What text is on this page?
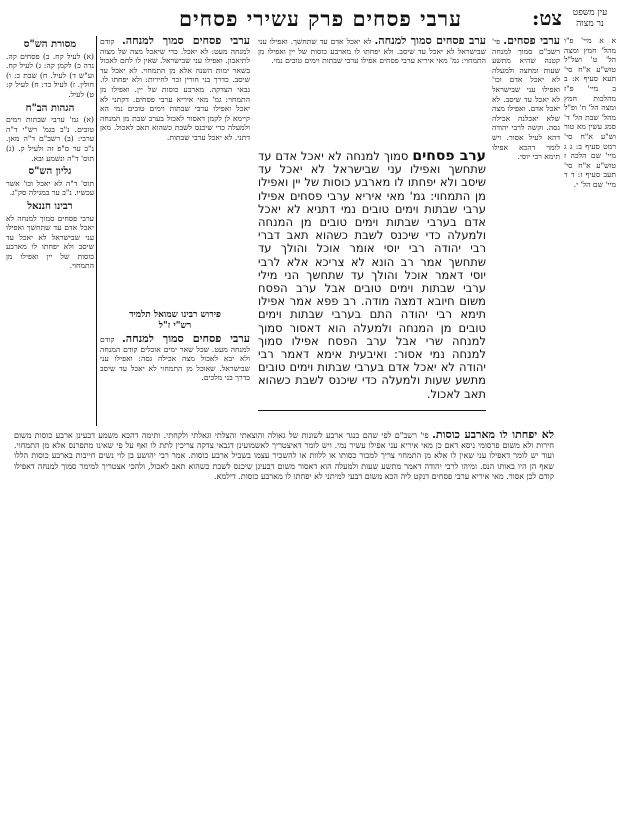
עין משפט
נר מצוה
צט:
ערבי פסחים פרק עשירי פסחים
מסורת הש"ס
(א) לעיל קח. ב) פסחים קה. נדה כ) לקמן קה: ג) לעיל קח. וע"ש ד) לעיל. ח) שבת כ: ו) חולין. ז) לעיל כד: ח) לעיל ק: ט) לעיל.
הגהות הב"ח
(א) גמ' ערבי שבתות וימים טובים. נ"ב בגמ' רש"י ד"ה ערבי: (ב) רשב"ם ד"ה מאן. נ"ב ער ס"פ זה ולעיל ק. (ג) תוס' ד"ה ונשמע ובא.
גליון הש"ס
תוס' ד"ה לא יאכל וכו' אשר עכשיו. נ"ב ער במגילה סק"ג.
רבינו חננאל
ערבי פסחים סמוך למנחה לא יאכל אדם עד שתחשך ואפילו עני שבישראל לא יאכל עד שיסב ולא יפחתו לו מארבע כוסות של יין ואפילו מן התמחוי.
ערבי פסחים סמוך למנחה. קודם למנחה מעט: לא יאכל. כדי שיאכל מצה של מצוה לתיאבון. ואפילו עני שבישראל. שאין לו לחם לאכול בשאר ימות השנה אלא מן התמחוי. לא יאכל עד שיסב. כדרך בני חורין זכר לחירות: ולא יפחתו לו. גבאי הצדקה. מארבע כוסות של יין. ואפילו מן התמחוי: גמ' מאי איריא ערבי פסחים. דקתני לא יאכל ואפילו ערבי שבתות וימים טובים נמי הא קיימא לן לקמן דאסור לאכול בערב שבת מן המנחה ולמעלה כדי שיכנס לשבת כשהוא תאב לאכול. מאן דתני. לא יאכל ערבי שבתות.
פירוש רבינו שמואל תלמיד
רש"י ז"ל
ערבי פסחים סמוך למנחה. קודם למנחה מעט. שכל שאר ימים אוכלים קודם המנחה ולא יבא לאכול מצה אכילה גסה: ואפילו עני שבישראל. שאוכל מן התמחוי לא יאכל עד שיסב כדרך בני מלכים.
ערב פסחים סמוך למנחה. לא יאכל אדם עד שתחשך. ואפילו עני שבישראל לא יאכל עד שיסב. ולא יפחתו לו מארבע כוסות של יין ואפילו מן התמחוי: גמ' מאי איריא ערבי פסחים אפילו ערבי שבתות וימים טובים נמי.
ערב פסחים סמוך למנחה לא יאכל אדם עד שתחשך ואפילו עני שבישראל לא יאכל עד שיסב ולא יפחתו לו מארבע כוסות של יין ואפילו מן התמחוי: גמ' מאי איריא ערבי פסחים אפילו ערבי שבתות וימים טובים נמי דתניא לא יאכל אדם בערבי שבתות וימים טובים מן המנחה ולמעלה כדי שיכנס לשבת כשהוא תאב דברי רבי יהודה רבי יוסי אומר אוכל והולך עד שתחשך אמר רב הונא לא צריכא אלא לרבי יוסי דאמר אוכל והולך עד שתחשך הני מילי ערבי שבתות וימים טובים אבל ערב הפסח משום חיובא דמצה מודה. רב פפא אמר אפילו תימא רבי יהודה התם בערבי שבתות וימים טובים מן המנחה ולמעלה הוא דאסור סמוך למנחה שרי אבל ערב הפסח אפילו סמוך למנחה נמי אסור: ואיבעית אימא דאמר רבי יהודה לא יאכל אדם בערבי שבתות וימים טובים מתשע שעות ולמעלה כדי שיכנס לשבת כשהוא תאב לאכול.
ערבי פסחים. פי' רשב"ם סמוך למנחה קטנה שהיא מתשע שעות ומחצה ולמעלה לא יאכל אדם וכו' ואפילו עני שבישראל לא יאכל עד שיסב. לא יאכל אדם. ואפילו מצה שלא יאכלנה אכילה גסה. וקשה לרבי יהודה דהא לעיל אסור. ויש לומר דהכא אפילו תימא רבי יוסי.
א א מיי' פ"ו מהל' חמץ ומצה הל' ט' ושל"ל טוש"ע א"ח סי' תעא סעיף א: ב ב מיי' פ"ז מהלכות חמץ ומצה הל' ח' ופ"ל מהל' שבת הל' ד' סמג עשין מא טור וש"ע א"ח סי' רמט סעיף ב: ג ג מיי' שם הלכה ז טוש"ע א"ח סי' תעב סעיף ז: ד ד מיי' שם הל' י.
לא יפחתו לו מארבע כוסות. פי' רשב"ם לפי שהם כנגד ארבע לשונות של גאולה והוצאתי והצלתי וגאלתי ולקחתי. ותימה דהכא משמע דבעינן ארבע כוסות משום חירות ולא משום פרסומי ניסא דאם כן מאי איריא עני אפילו עשיר נמי. ויש לומר דאיצטריך לאשמועינן דגבאי צדקה צריכין לתת לו ואף על פי שאינו מתפרנס אלא מן התמחוי. ועוד יש לומר דאפילו עני שאין לו אלא מן התמחוי צריך למכור כסותו או ללוות או להשכיר עצמו בשביל ארבע כוסות. אמר רבי יהושע בן לוי נשים חייבות בארבע כוסות הללו שאף הן היו באותו הנס. ומיהו לרבי יהודה דאמר מתשע שעות ולמעלה הוא דאסור משום דבעינן שיכנס לשבת כשהוא תאב לאכול, ולהכי אצטריך למימר סמוך למנחה דאפילו קודם לכן אסור. מאי איריא ערבי פסחים דנקט ליה הכא משום דבעי למיתני לא יפחתו לו מארבע כוסות. דילמא.
